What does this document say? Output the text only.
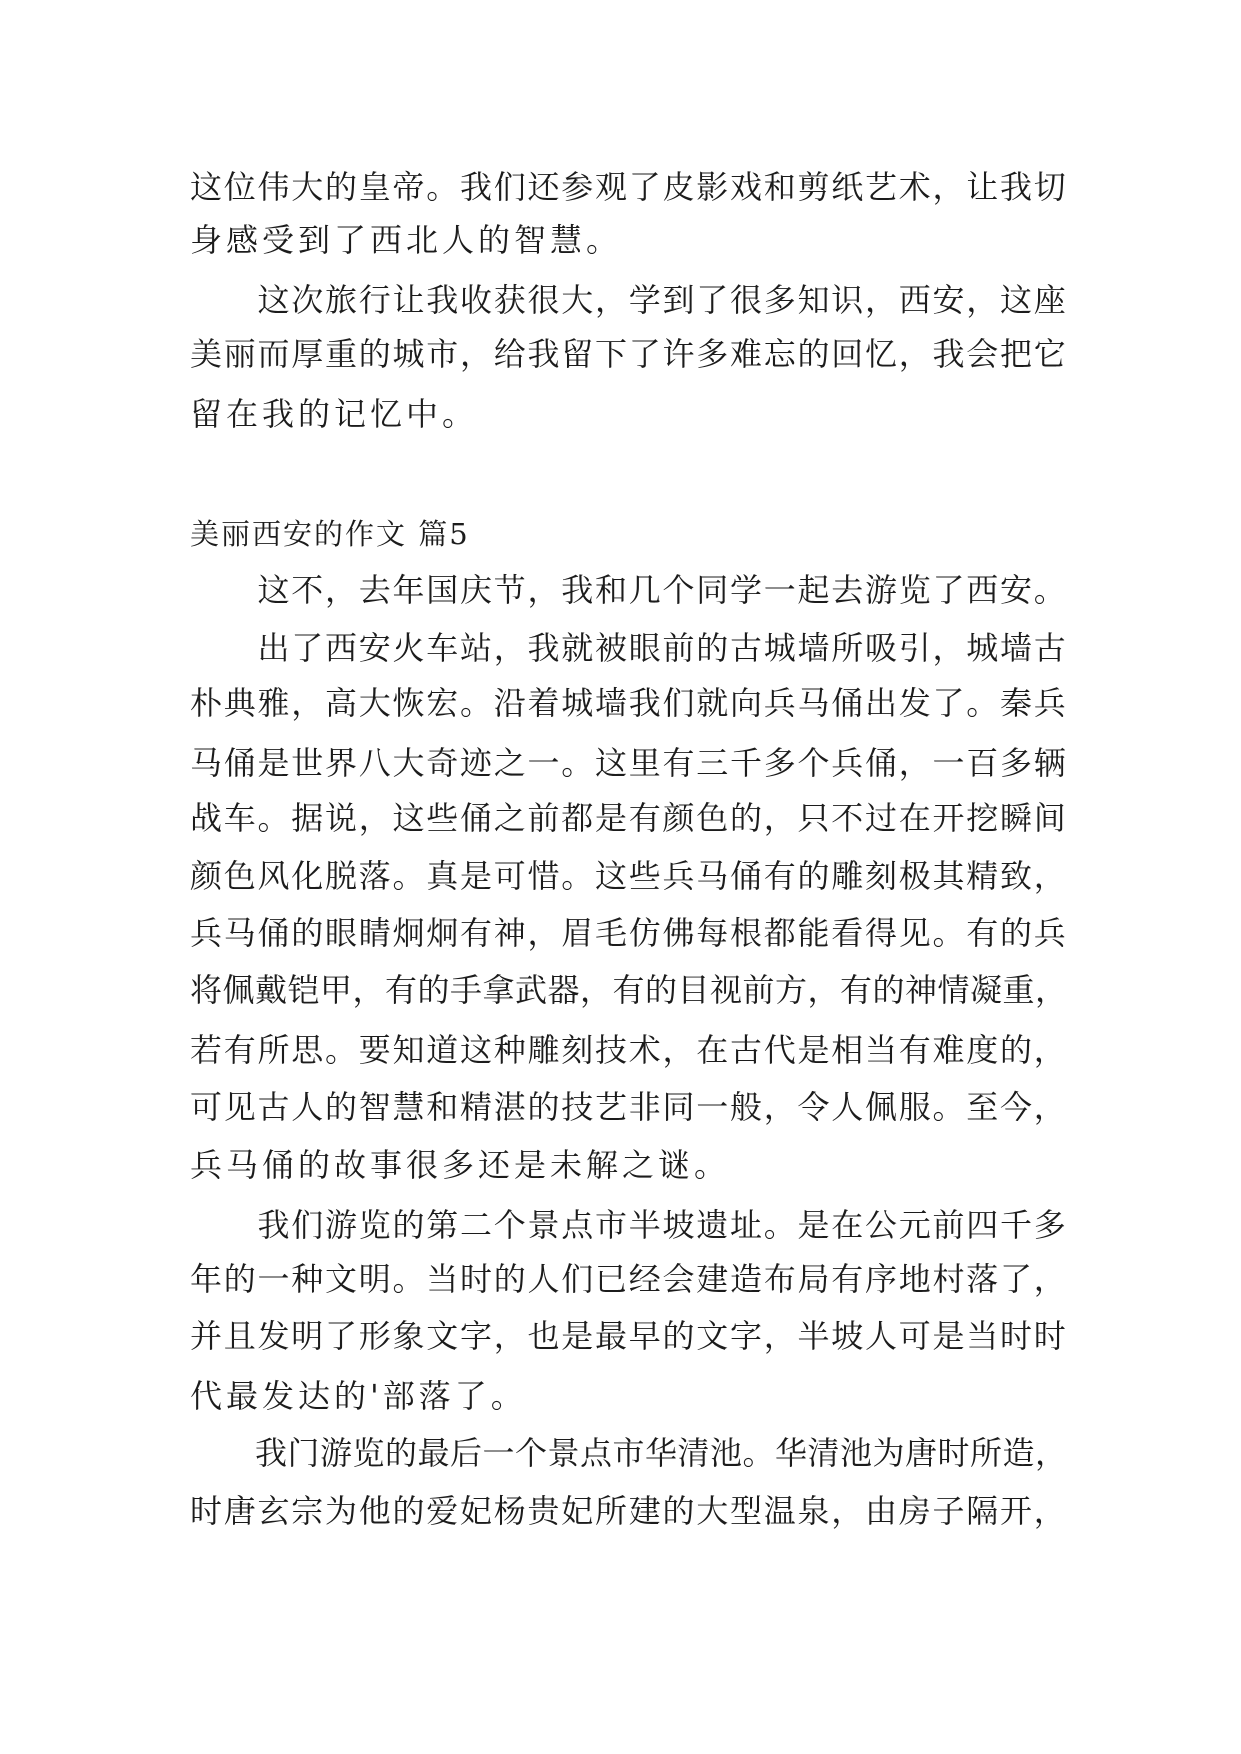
这位伟大的皇帝。我们还参观了皮影戏和剪纸艺术，让我切
身感受到了西北人的智慧。
　　这次旅行让我收获很大，学到了很多知识，西安，这座
美丽而厚重的城市，给我留下了许多难忘的回忆，我会把它
留在我的记忆中。
美丽西安的作文 篇5
　　这不，去年国庆节，我和几个同学一起去游览了西安。
　　出了西安火车站，我就被眼前的古城墙所吸引，城墙古
朴典雅，高大恢宏。沿着城墙我们就向兵马俑出发了。秦兵
马俑是世界八大奇迹之一。这里有三千多个兵俑，一百多辆
战车。据说，这些俑之前都是有颜色的，只不过在开挖瞬间
颜色风化脱落。真是可惜。这些兵马俑有的雕刻极其精致，
兵马俑的眼睛炯炯有神，眉毛仿佛每根都能看得见。有的兵
将佩戴铠甲，有的手拿武器，有的目视前方，有的神情凝重，
若有所思。要知道这种雕刻技术，在古代是相当有难度的，
可见古人的智慧和精湛的技艺非同一般，令人佩服。至今，
兵马俑的故事很多还是未解之谜。
　　我们游览的第二个景点市半坡遗址。是在公元前四千多
年的一种文明。当时的人们已经会建造布局有序地村落了，
并且发明了形象文字，也是最早的文字，半坡人可是当时时
代最发达的'部落了。
　　我门游览的最后一个景点市华清池。华清池为唐时所造，
时唐玄宗为他的爱妃杨贵妃所建的大型温泉，由房子隔开，
